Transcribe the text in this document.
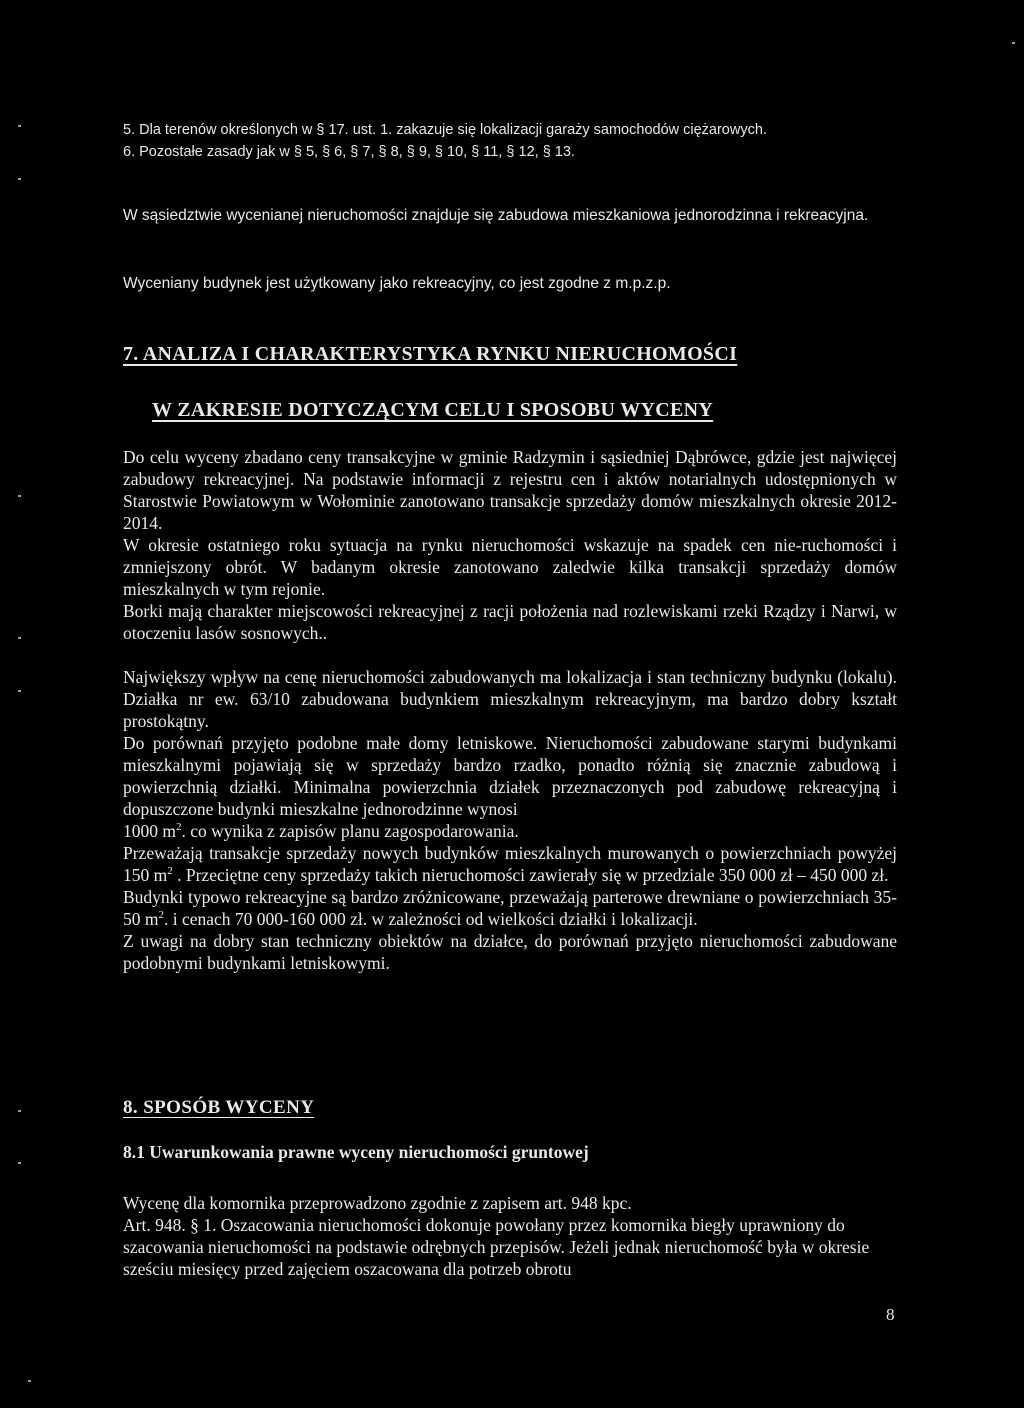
5. Dla terenów określonych w § 17. ust. 1. zakazuje się lokalizacji garaży samochodów ciężarowych.

6. Pozostałe zasady jak w § 5, § 6, § 7, § 8, § 9, § 10, § 11, § 12, § 13.

W sąsiedztwie wycenianej nieruchomości znajduje się zabudowa mieszkaniowa jednorodzinna i rekreacyjna.
Wyceniany budynek jest użytkowany jako rekreacyjny, co jest zgodne z m.p.z.p.
7. ANALIZA I CHARAKTERYSTYKA RYNKU NIERUCHOMOŚCI
W ZAKRESIE DOTYCZĄCYM CELU I SPOSOBU WYCENY

Do celu wyceny zbadano ceny transakcyjne w gminie Radzymin i sąsiedniej Dąbrówce, gdzie jest najwięcej zabudowy rekreacyjnej. Na podstawie informacji z rejestru cen i aktów notarialnych udostępnionych w Starostwie Powiatowym w Wołominie zanotowano transakcje sprzedaży domów mieszkalnych okresie 2012- 2014.

W okresie ostatniego roku sytuacja na rynku nieruchomości wskazuje na spadek cen nie-ruchomości i zmniejszony obrót. W badanym okresie zanotowano zaledwie kilka transakcji sprzedaży domów mieszkalnych w tym rejonie.

Borki mają charakter miejscowości rekreacyjnej z racji położenia nad rozlewiskami rzeki Rządzy i Narwi, w otoczeniu lasów sosnowych..

Największy wpływ na cenę nieruchomości zabudowanych ma lokalizacja i stan techniczny budynku (lokalu). Działka nr ew. 63/10 zabudowana budynkiem mieszkalnym rekreacyjnym, ma bardzo dobry kształt prostokątny.

Do porównań przyjęto podobne małe domy letniskowe. Nieruchomości zabudowane starymi budynkami mieszkalnymi pojawiają się w sprzedaży bardzo rzadko, ponadto różnią się znacznie zabudową i powierzchnią działki. Minimalna powierzchnia działek przeznaczonych pod zabudowę rekreacyjną i dopuszczone budynki mieszkalne jednorodzinne wynosi
1000 $m^2$. co wynika z zapisów planu zagospodarowania.

Przeważają transakcje sprzedaży nowych budynków mieszkalnych murowanych o powierzchniach powyżej 150 $m^2$ . Przeciętne ceny sprzedaży takich nieruchomości zawierały się w przedziale 350 000 zł – 450 000 zł.

Budynki typowo rekreacyjne są bardzo zróżnicowane, przeważają parterowe drewniane o powierzchniach 35-50 $m^2$. i cenach 70 000-160 000 zł. w zależności od wielkości działki i lokalizacji.

Z uwagi na dobry stan techniczny obiektów na działce, do porównań przyjęto nieruchomości zabudowane podobnymi budynkami letniskowymi.

8. SPOSÓB WYCENY
8.1 Uwarunkowania prawne wyceny nieruchomości gruntowej

Wycenę dla komornika przeprowadzono zgodnie z zapisem art. 948 kpc.

Art. 948. § 1. Oszacowania nieruchomości dokonuje powołany przez komornika biegły uprawniony do szacowania nieruchomości na podstawie odrębnych przepisów. Jeżeli jednak nieruchomość była w okresie sześciu miesięcy przed zajęciem oszacowana dla potrzeb obrotu

8
